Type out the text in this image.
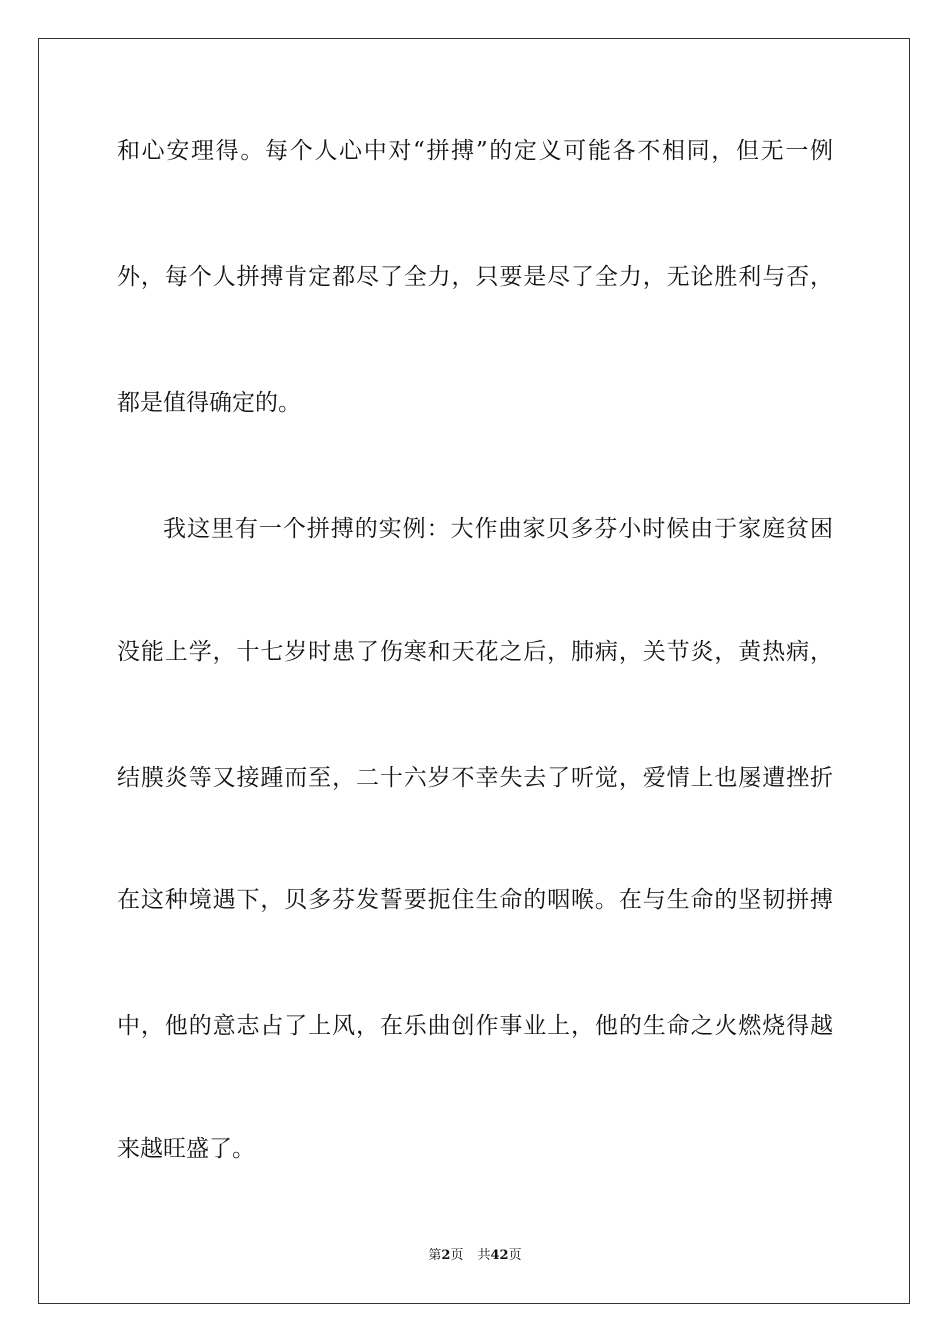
和心安理得。每个人心中对“拼搏”的定义可能各不相同，但无一例
外，每个人拼搏肯定都尽了全力，只要是尽了全力，无论胜利与否，
都是值得确定的。
我这里有一个拼搏的实例：大作曲家贝多芬小时候由于家庭贫困
没能上学，十七岁时患了伤寒和天花之后，肺病，关节炎，黄热病，
结膜炎等又接踵而至，二十六岁不幸失去了听觉，爱情上也屡遭挫折
在这种境遇下，贝多芬发誓要扼住生命的咽喉。在与生命的坚韧拼搏
中，他的意志占了上风，在乐曲创作事业上，他的生命之火燃烧得越
来越旺盛了。
第2页 共42页
